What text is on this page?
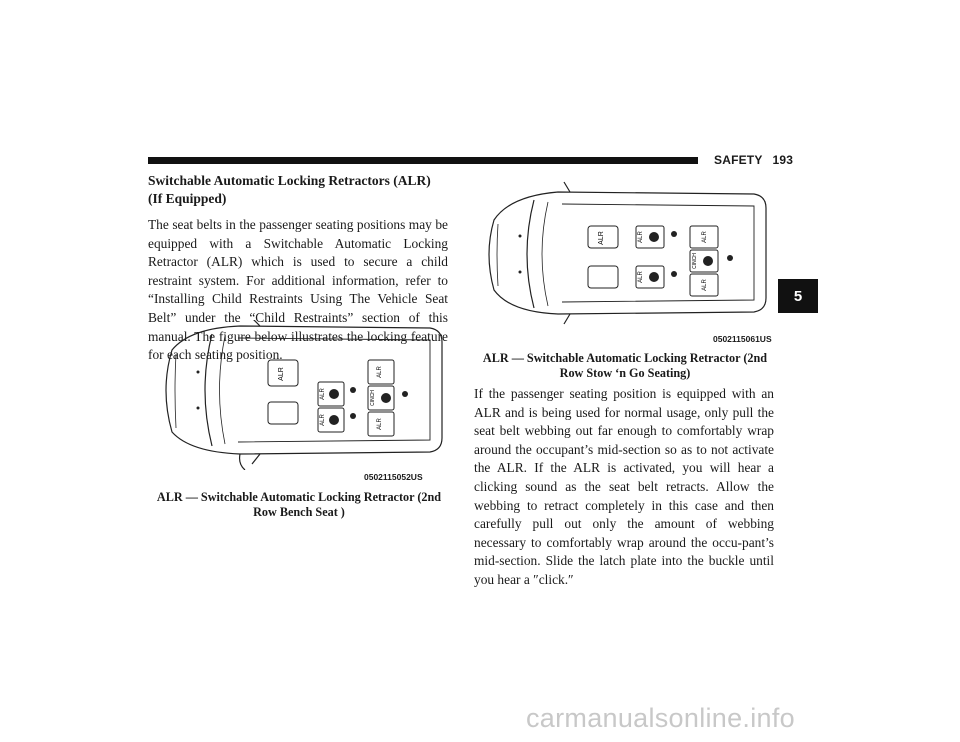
SAFETY 193
5
Switchable Automatic Locking Retractors (ALR) (If Equipped)

The seat belts in the passenger seating positions may be equipped with a Switchable Automatic Locking Retractor (ALR) which is used to secure a child restraint system. For additional information, refer to “Installing Child Restraints Using The Vehicle Seat Belt” under the “Child Restraints” section of this manual. The figure below illustrates the locking feature for each seating position.

ALR
ALR
ALR
ALR
CINCH
ALR
0502115052US
ALR — Switchable Automatic Locking Retractor (2nd Row Bench Seat )
ALR	ALR
ALR
ALR
CINCH
ALR
0502115061US
ALR — Switchable Automatic Locking Retractor (2nd Row Stow ‘n Go Seating)

If the passenger seating position is equipped with an ALR and is being used for normal usage, only pull the seat belt webbing out far enough to comfortably wrap around the occupant’s mid-section so as to not activate the ALR. If the ALR is activated, you will hear a clicking sound as the seat belt retracts. Allow the webbing to retract completely in this case and then carefully pull out only the amount of webbing necessary to comfortably wrap around the occu-pant’s mid-section. Slide the latch plate into the buckle until you hear a ″click.″

carmanualsonline.info
